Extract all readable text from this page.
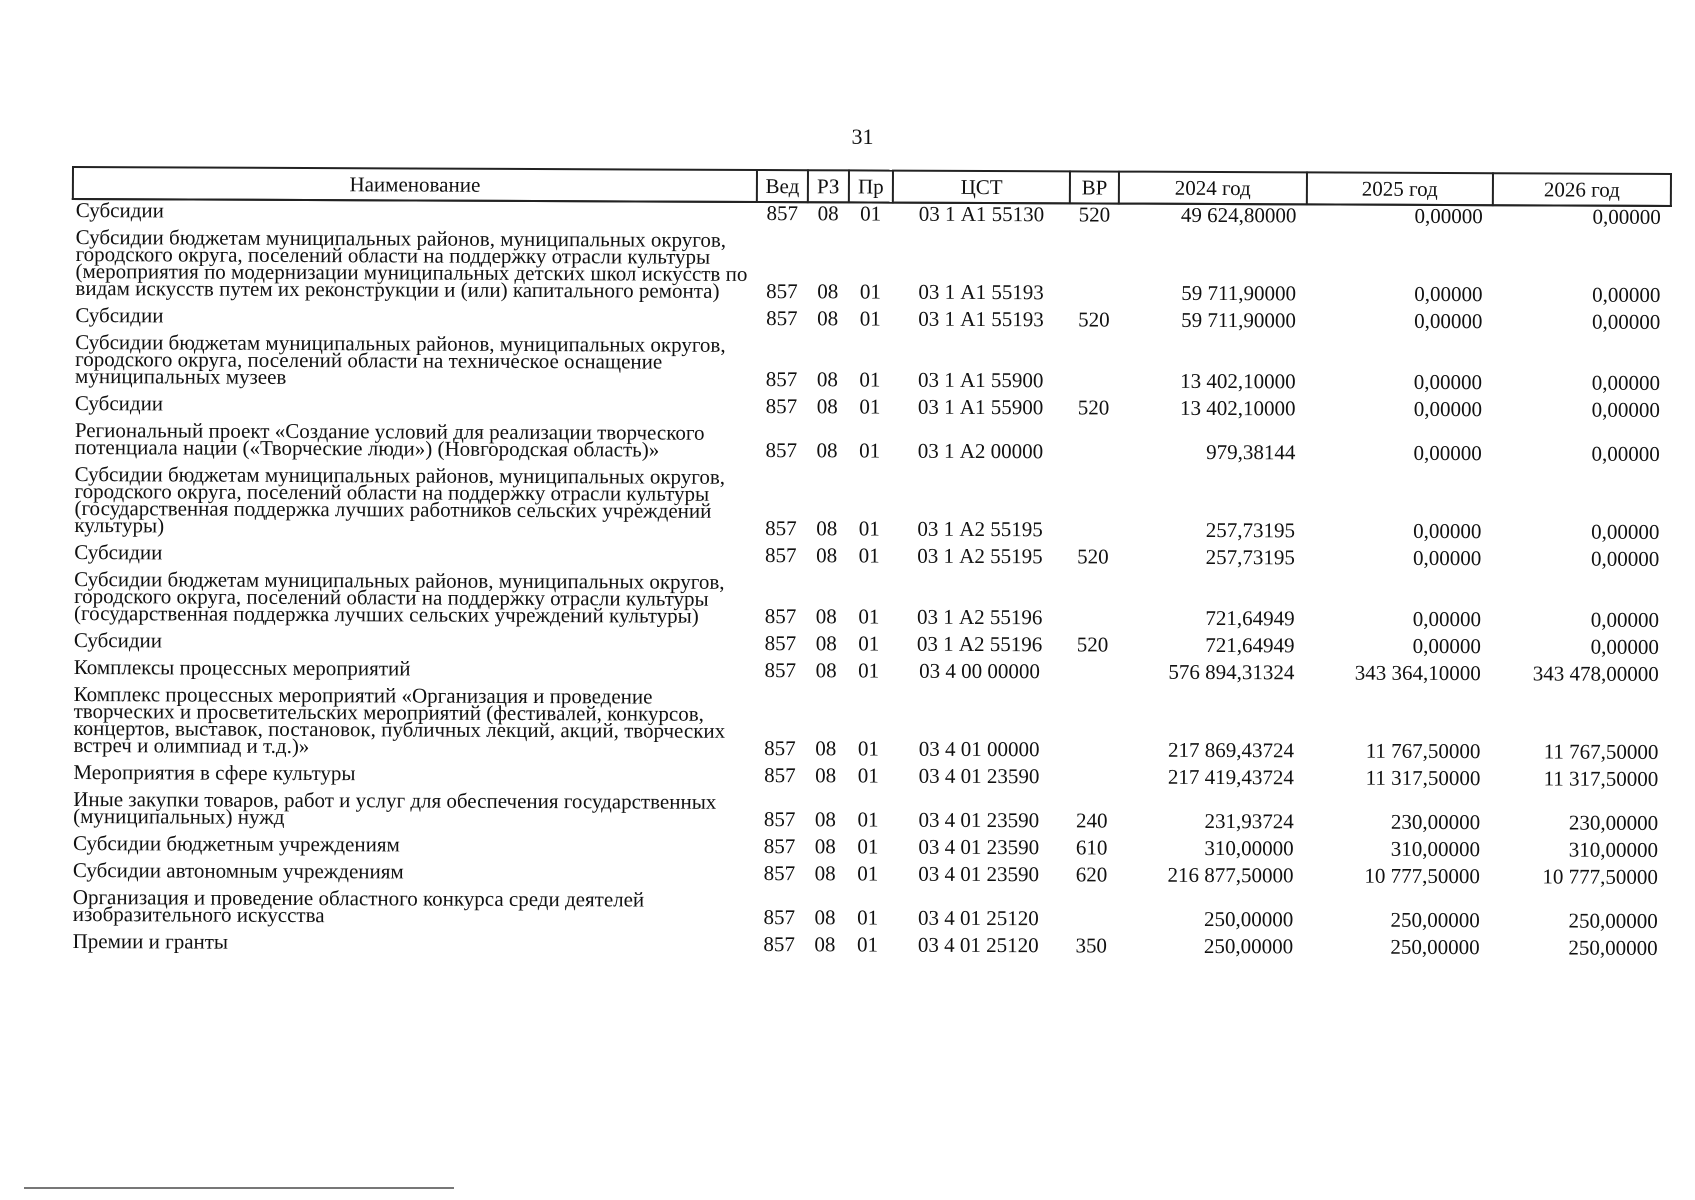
31
Наименование	Вед	РЗ	Пр	ЦСТ	ВР	2024 год	2025 год	2026 год
Субсидии	857	08	01	03 1 А1 55130	520	49 624,80000	0,00000	0,00000
Субсидии бюджетам муниципальных районов, муниципальных округов, городского округа, поселений области на поддержку отрасли культуры (мероприятия по модернизации муниципальных детских школ искусств по видам искусств путем их реконструкции и (или) капитального ремонта)	857	08	01	03 1 А1 55193		59 711,90000	0,00000	0,00000
Субсидии	857	08	01	03 1 А1 55193	520	59 711,90000	0,00000	0,00000
Субсидии бюджетам муниципальных районов, муниципальных округов, городского округа, поселений области на техническое оснащение муниципальных музеев	857	08	01	03 1 А1 55900		13 402,10000	0,00000	0,00000
Субсидии	857	08	01	03 1 А1 55900	520	13 402,10000	0,00000	0,00000
Региональный проект «Создание условий для реализации творческого потенциала нации («Творческие люди») (Новгородская область)»	857	08	01	03 1 А2 00000		979,38144	0,00000	0,00000
Субсидии бюджетам муниципальных районов, муниципальных округов, городского округа, поселений области на поддержку отрасли культуры (государственная поддержка лучших работников сельских учреждений культуры)	857	08	01	03 1 А2 55195		257,73195	0,00000	0,00000
Субсидии	857	08	01	03 1 А2 55195	520	257,73195	0,00000	0,00000
Субсидии бюджетам муниципальных районов, муниципальных округов, городского округа, поселений области на поддержку отрасли культуры (государственная поддержка лучших сельских учреждений культуры)	857	08	01	03 1 А2 55196		721,64949	0,00000	0,00000
Субсидии	857	08	01	03 1 А2 55196	520	721,64949	0,00000	0,00000
Комплексы процессных мероприятий	857	08	01	03 4 00 00000		576 894,31324	343 364,10000	343 478,00000
Комплекс процессных мероприятий «Организация и проведение творческих и просветительских мероприятий (фестивалей, конкурсов, концертов, выставок, постановок, публичных лекций, акций, творческих встреч и олимпиад и т.д.)»	857	08	01	03 4 01 00000		217 869,43724	11 767,50000	11 767,50000
Мероприятия в сфере культуры	857	08	01	03 4 01 23590		217 419,43724	11 317,50000	11 317,50000
Иные закупки товаров, работ и услуг для обеспечения государственных (муниципальных) нужд	857	08	01	03 4 01 23590	240	231,93724	230,00000	230,00000
Субсидии бюджетным учреждениям	857	08	01	03 4 01 23590	610	310,00000	310,00000	310,00000
Субсидии автономным учреждениям	857	08	01	03 4 01 23590	620	216 877,50000	10 777,50000	10 777,50000
Организация и проведение областного конкурса среди деятелей изобразительного искусства	857	08	01	03 4 01 25120		250,00000	250,00000	250,00000
Премии и гранты	857	08	01	03 4 01 25120	350	250,00000	250,00000	250,00000
